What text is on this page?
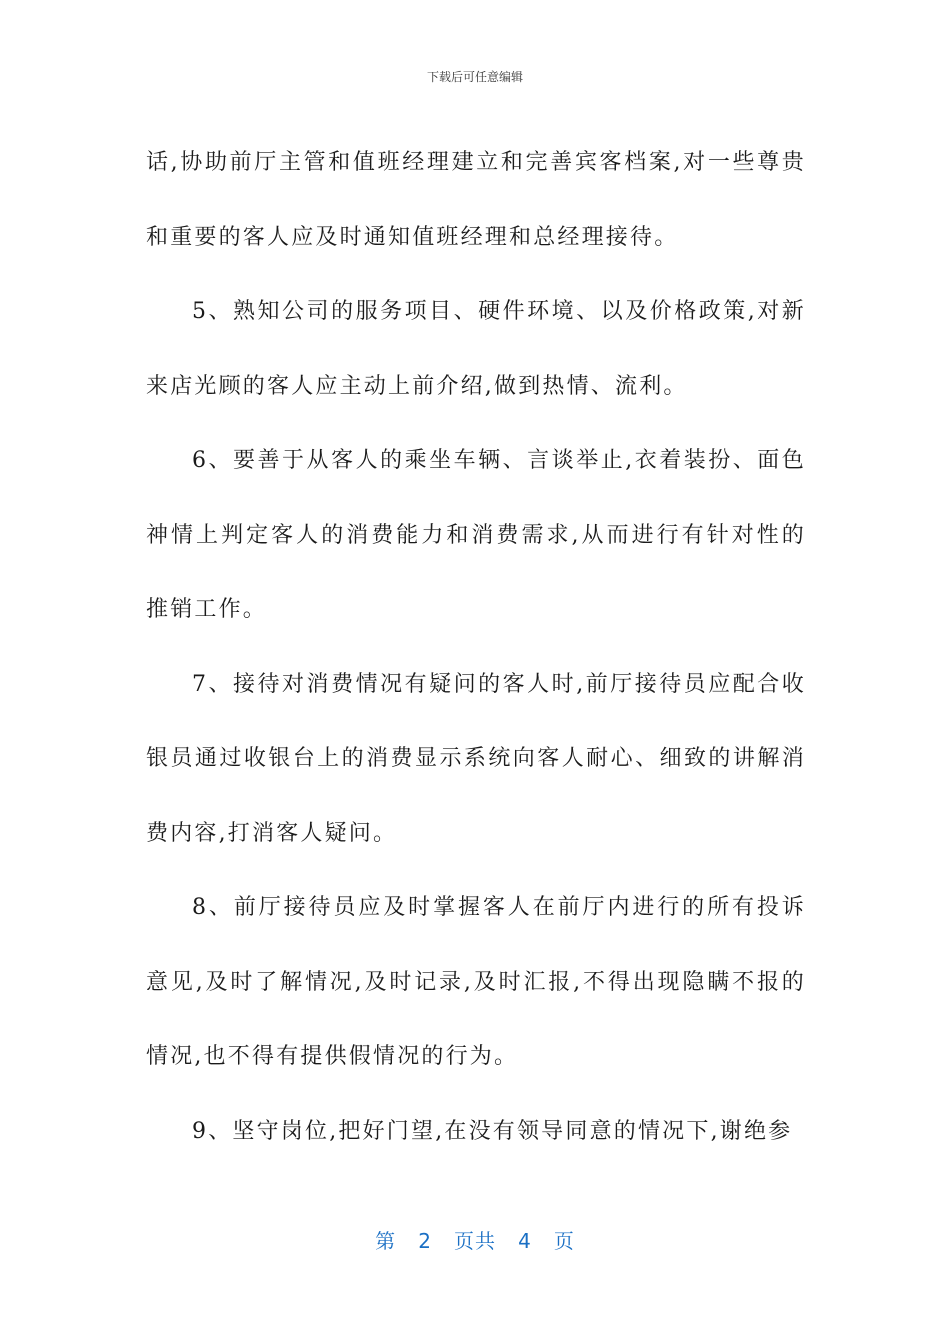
下载后可任意编辑

话,协助前厅主管和值班经理建立和完善宾客档案,对一些尊贵和重要的客人应及时通知值班经理和总经理接待。

5、熟知公司的服务项目、硬件环境、以及价格政策,对新来店光顾的客人应主动上前介绍,做到热情、流利。

6、要善于从客人的乘坐车辆、言谈举止,衣着装扮、面色神情上判定客人的消费能力和消费需求,从而进行有针对性的推销工作。

7、接待对消费情况有疑问的客人时,前厅接待员应配合收银员通过收银台上的消费显示系统向客人耐心、细致的讲解消费内容,打消客人疑问。

8、前厅接待员应及时掌握客人在前厅内进行的所有投诉意见,及时了解情况,及时记录,及时汇报,不得出现隐瞒不报的情况,也不得有提供假情况的行为。

9、坚守岗位,把好门望,在没有领导同意的情况下,谢绝参

第 2 页共 4 页
